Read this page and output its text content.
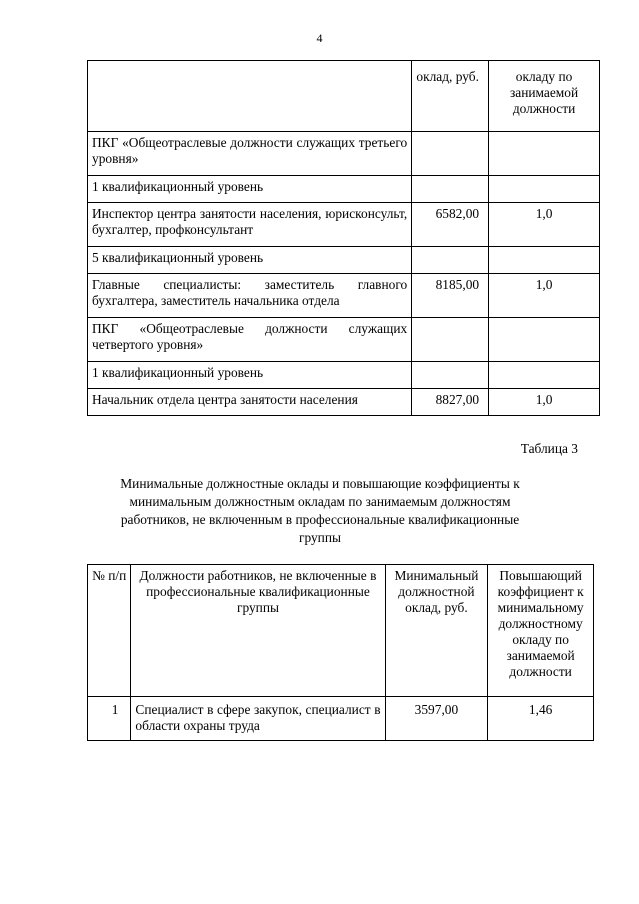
4
	оклад, руб.	окладу по занимаемой должности
ПКГ «Общеотраслевые должности служащих третьего уровня»		
1 квалификационный уровень		
Инспектор центра занятости населения, юрисконсульт, бухгалтер, профконсультант	6582,00	1,0
5 квалификационный уровень		
Главные специалисты: заместитель главного бухгалтера, заместитель начальника отдела	8185,00	1,0
ПКГ «Общеотраслевые должности служащих четвертого уровня»		
1 квалификационный уровень		
Начальник отдела центра занятости населения	8827,00	1,0
Таблица 3
Минимальные должностные оклады и повышающие коэффициенты к минимальным должностным окладам по занимаемым должностям работников, не включенным в профессиональные квалификационные группы
№ п/п	Должности работников, не включенные в профессиональные квалификационные группы	Минимальный должностной оклад, руб.	Повышающий коэффициент к минимальному должностному окладу по занимаемой должности
1	Специалист в сфере закупок, специалист в области охраны труда	3597,00	1,46
